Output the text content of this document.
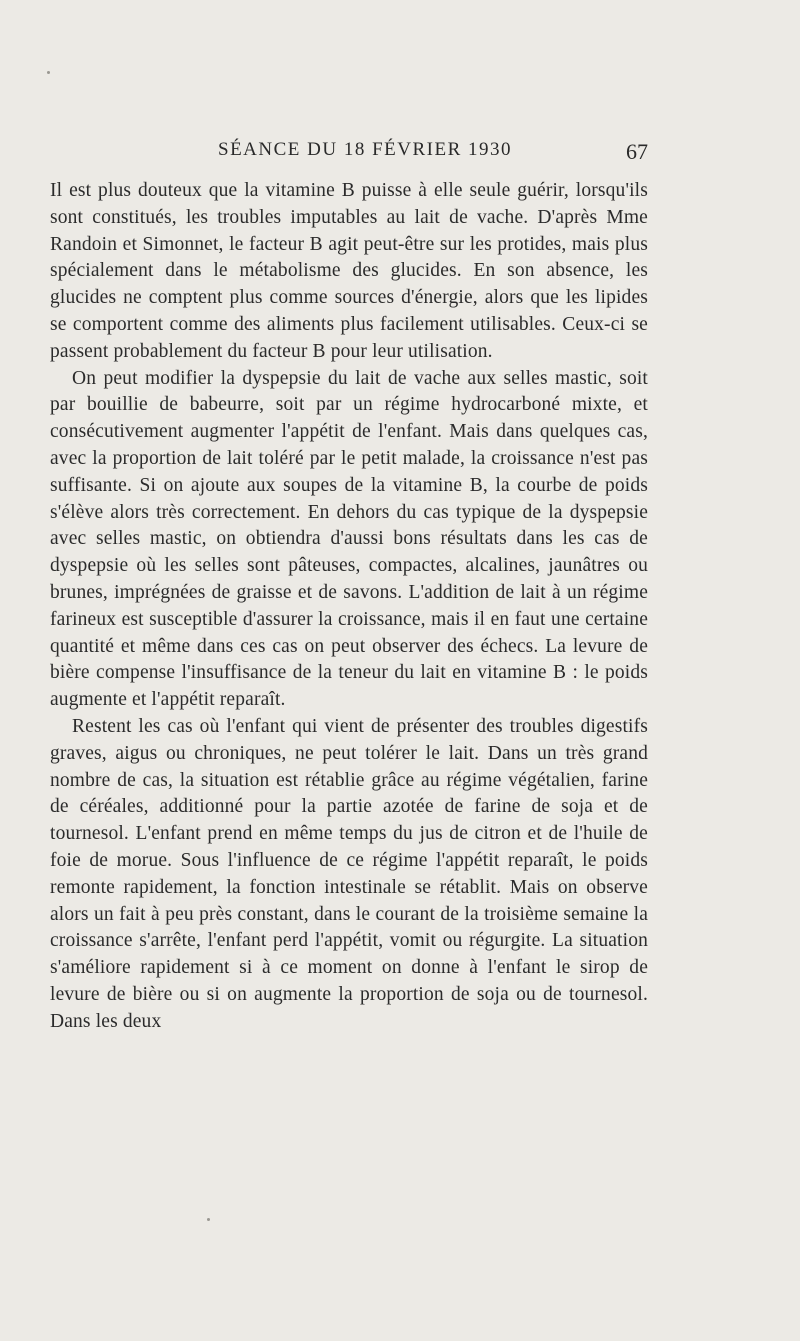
SÉANCE DU 18 FÉVRIER 1930	67

Il est plus douteux que la vitamine B puisse à elle seule guérir, lorsqu'ils sont constitués, les troubles imputables au lait de vache. D'après Mme Randoin et Simonnet, le facteur B agit peut-être sur les protides, mais plus spécialement dans le métabolisme des glucides. En son absence, les glucides ne comptent plus comme sources d'énergie, alors que les lipides se comportent comme des aliments plus facilement utilisables. Ceux-ci se passent probablement du facteur B pour leur utilisation.

On peut modifier la dyspepsie du lait de vache aux selles mastic, soit par bouillie de babeurre, soit par un régime hydrocarboné mixte, et consécutivement augmenter l'appétit de l'enfant. Mais dans quelques cas, avec la proportion de lait toléré par le petit malade, la croissance n'est pas suffisante. Si on ajoute aux soupes de la vitamine B, la courbe de poids s'élève alors très correctement. En dehors du cas typique de la dyspepsie avec selles mastic, on obtiendra d'aussi bons résultats dans les cas de dyspepsie où les selles sont pâteuses, compactes, alcalines, jaunâtres ou brunes, imprégnées de graisse et de savons. L'addition de lait à un régime farineux est susceptible d'assurer la croissance, mais il en faut une certaine quantité et même dans ces cas on peut observer des échecs. La levure de bière compense l'insuffisance de la teneur du lait en vitamine B : le poids augmente et l'appétit reparaît.

Restent les cas où l'enfant qui vient de présenter des troubles digestifs graves, aigus ou chroniques, ne peut tolérer le lait. Dans un très grand nombre de cas, la situation est rétablie grâce au régime végétalien, farine de céréales, additionné pour la partie azotée de farine de soja et de tournesol. L'enfant prend en même temps du jus de citron et de l'huile de foie de morue. Sous l'influence de ce régime l'appétit reparaît, le poids remonte rapidement, la fonction intestinale se rétablit. Mais on observe alors un fait à peu près constant, dans le courant de la troisième semaine la croissance s'arrête, l'enfant perd l'appétit, vomit ou régurgite. La situation s'améliore rapidement si à ce moment on donne à l'enfant le sirop de levure de bière ou si on augmente la proportion de soja ou de tournesol. Dans les deux
